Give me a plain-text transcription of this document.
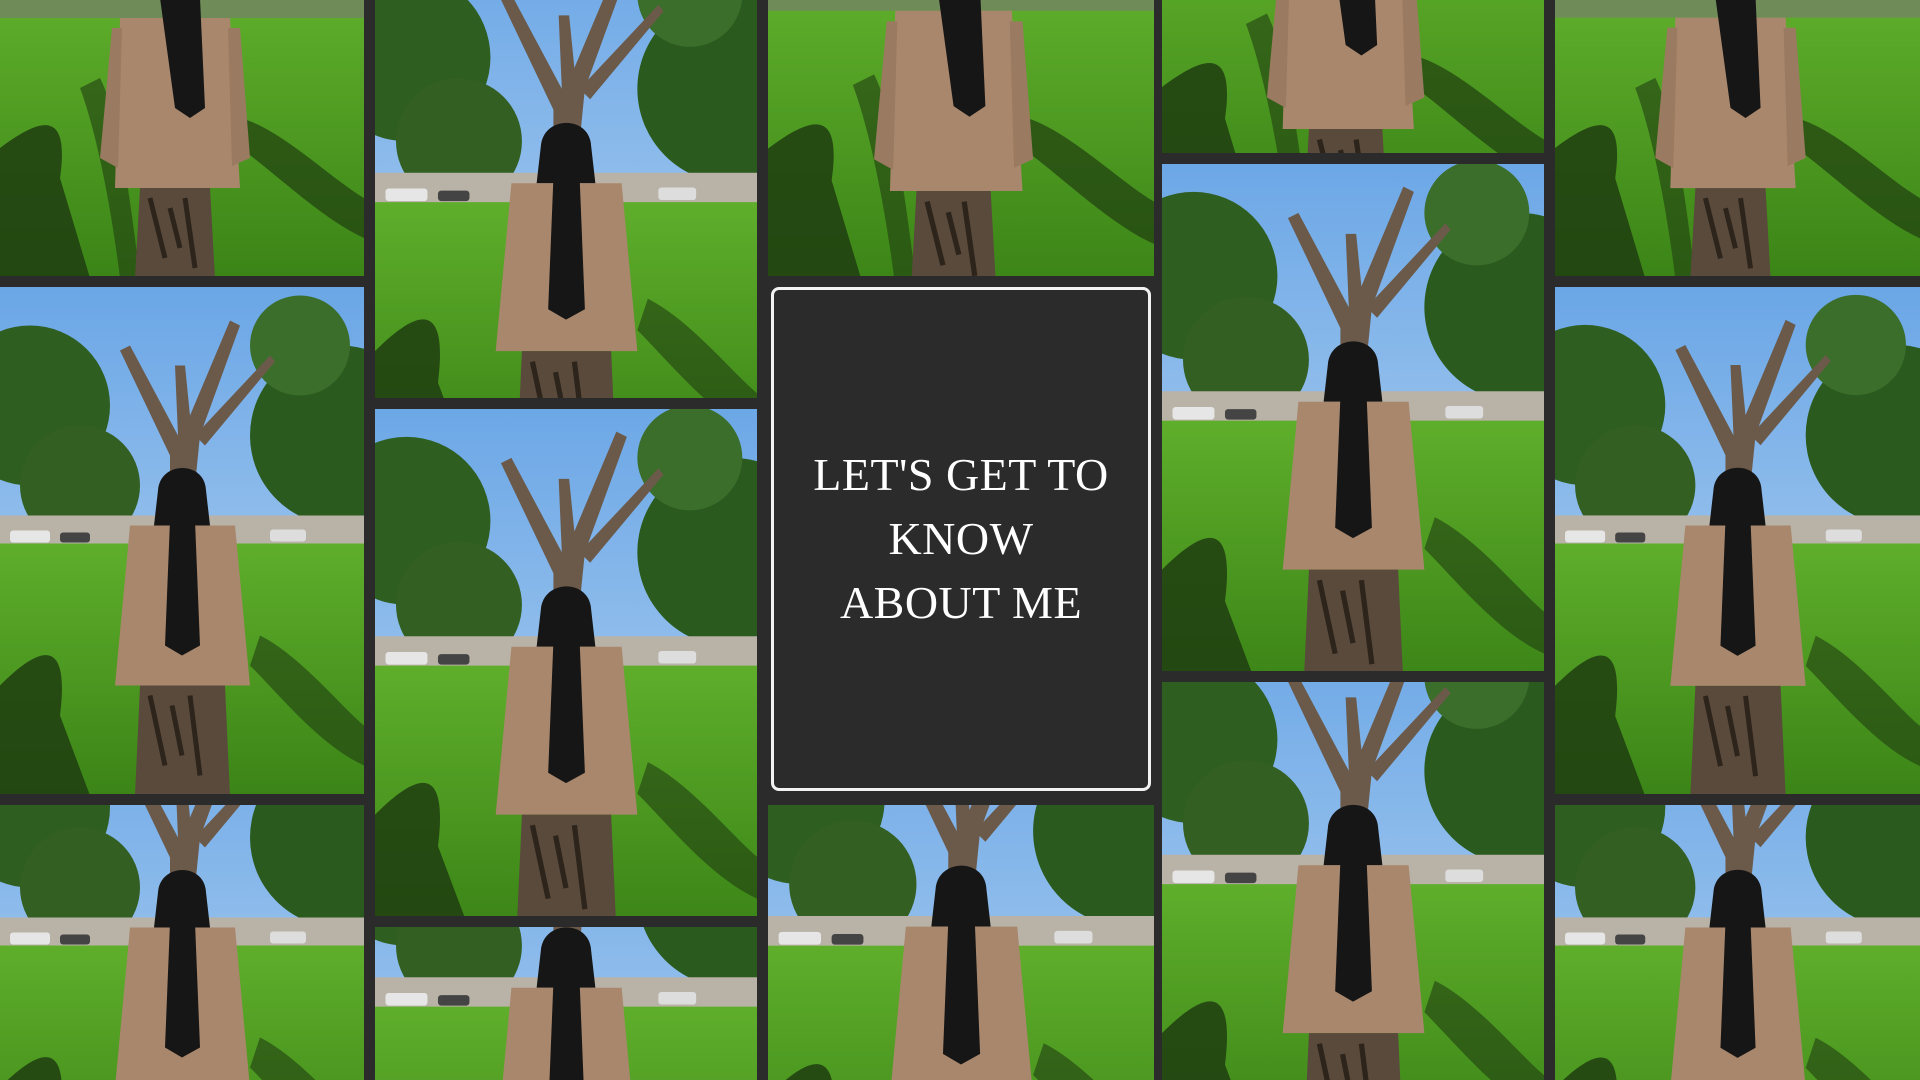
LET'S GET TO
KNOW
ABOUT ME
